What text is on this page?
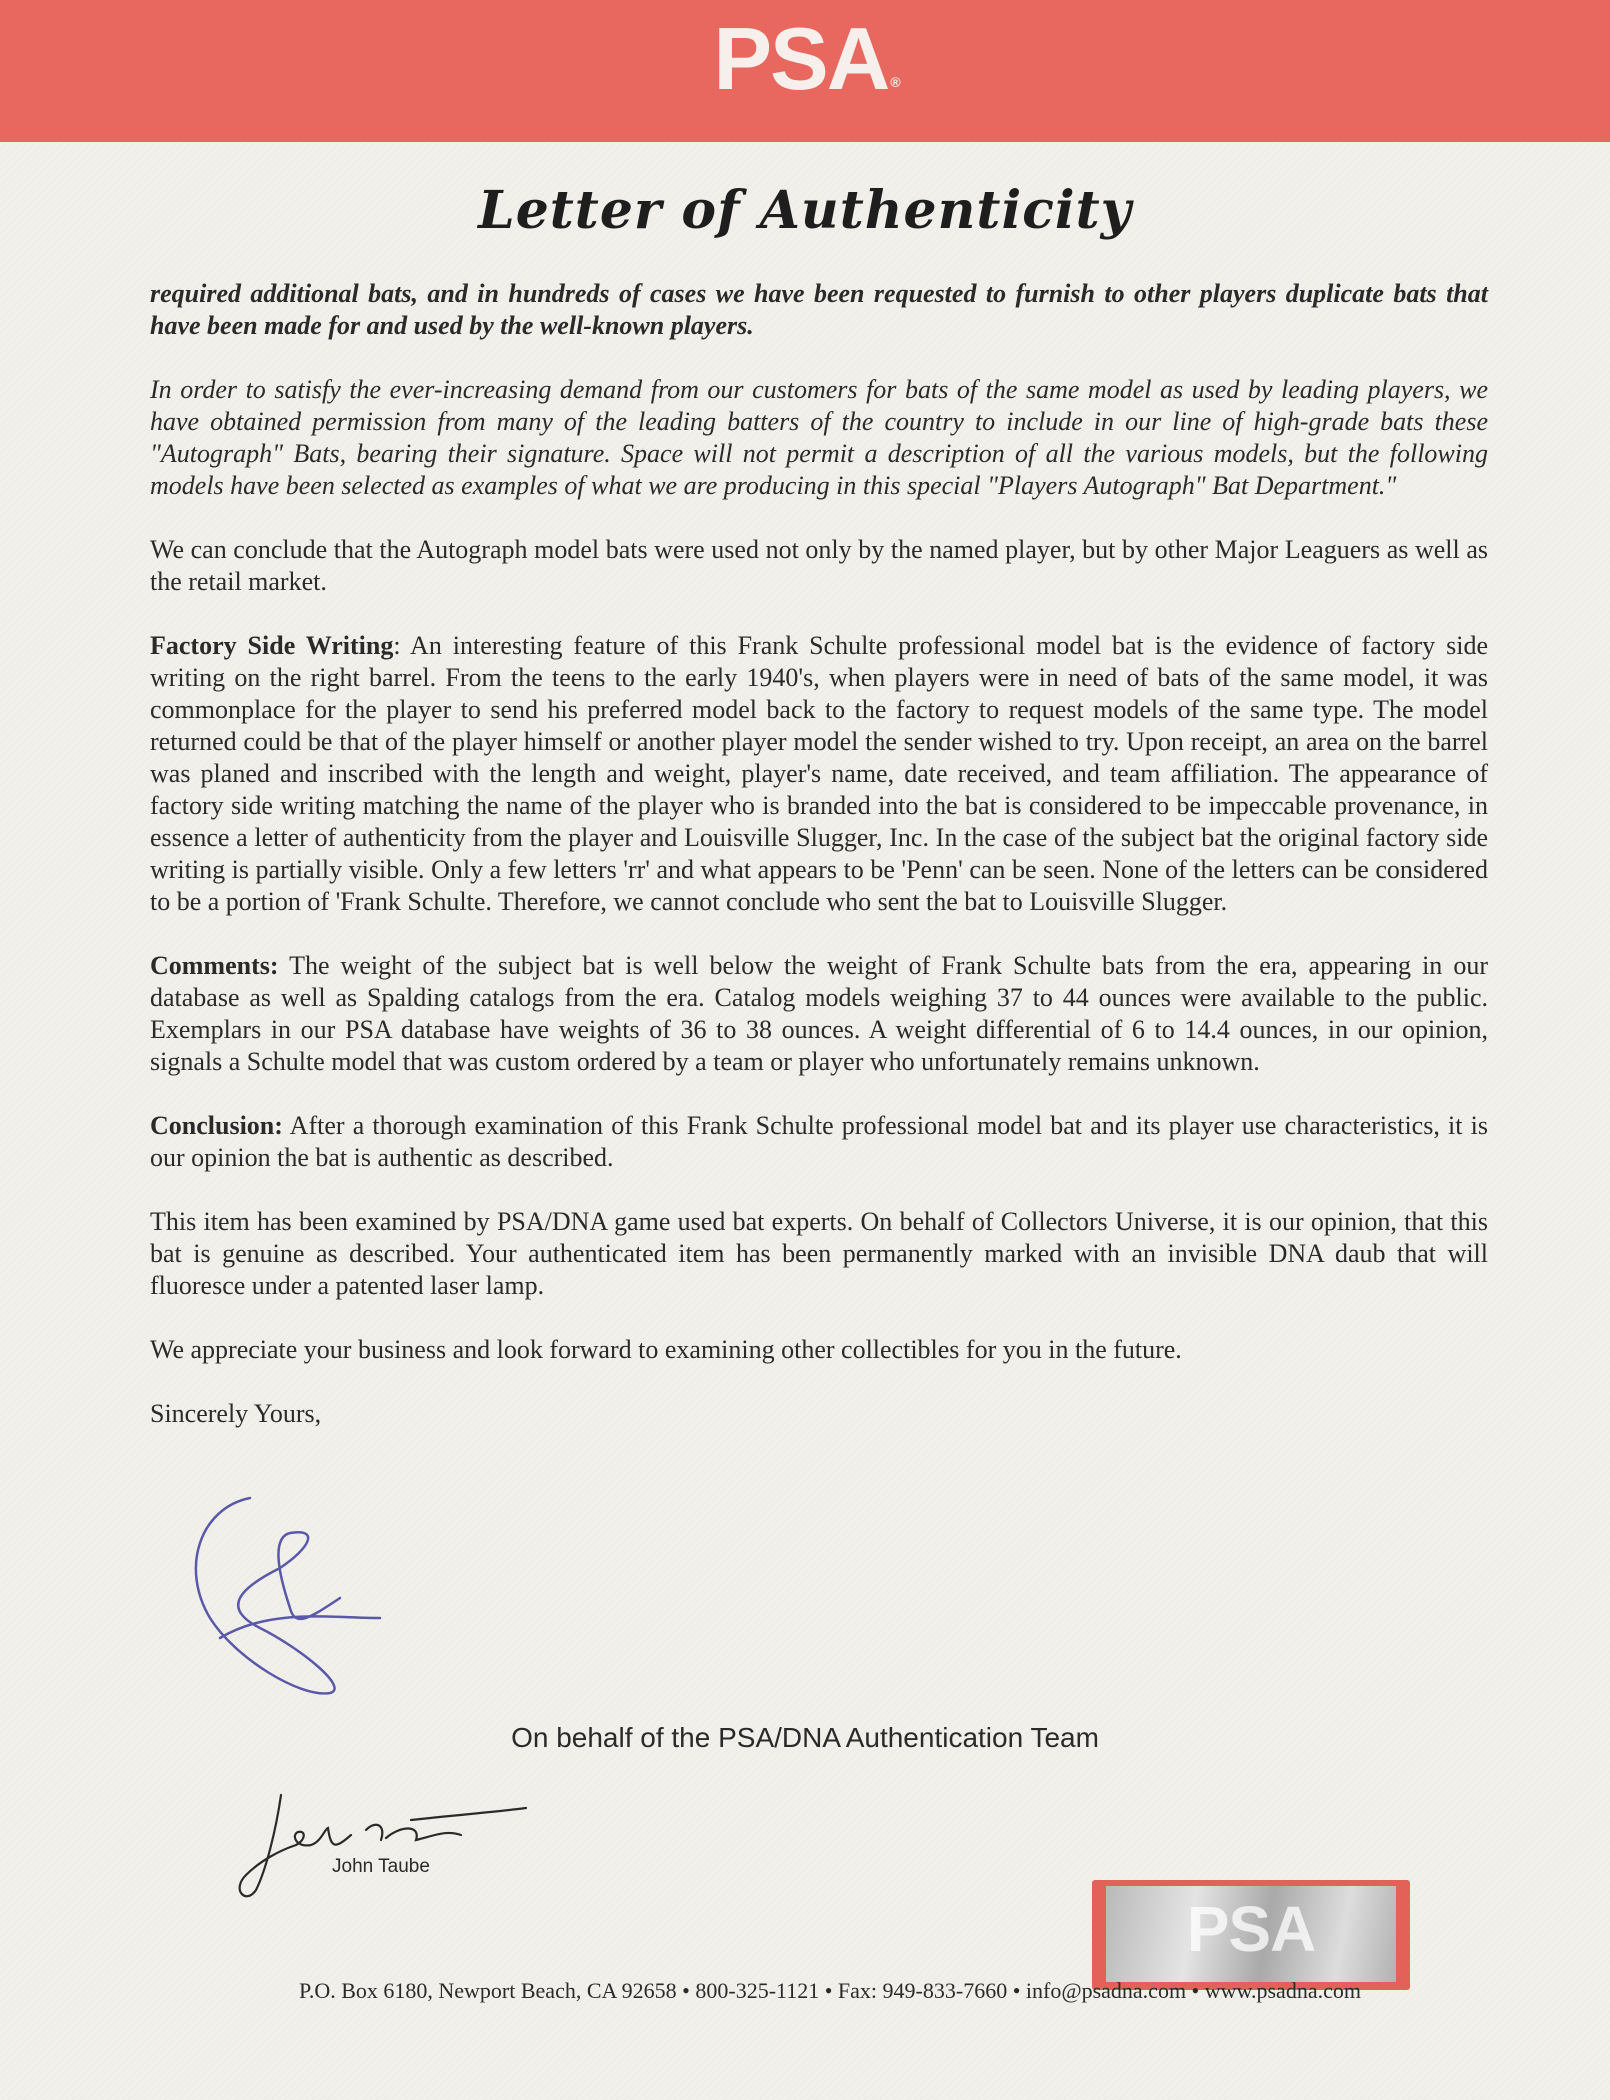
PSA ®
Letter of Authenticity

required additional bats, and in hundreds of cases we have been requested to furnish to other players duplicate bats that have been made for and used by the well-known players.

In order to satisfy the ever-increasing demand from our customers for bats of the same model as used by leading players, we have obtained permission from many of the leading batters of the country to include in our line of high-grade bats these "Autograph" Bats, bearing their signature. Space will not permit a description of all the various models, but the following models have been selected as examples of what we are producing in this special "Players Autograph" Bat Department."

We can conclude that the Autograph model bats were used not only by the named player, but by other Major Leaguers as well as the retail market.

Factory Side Writing: An interesting feature of this Frank Schulte professional model bat is the evidence of factory side writing on the right barrel. From the teens to the early 1940's, when players were in need of bats of the same model, it was commonplace for the player to send his preferred model back to the factory to request models of the same type. The model returned could be that of the player himself or another player model the sender wished to try. Upon receipt, an area on the barrel was planed and inscribed with the length and weight, player's name, date received, and team affiliation. The appearance of factory side writing matching the name of the player who is branded into the bat is considered to be impeccable provenance, in essence a letter of authenticity from the player and Louisville Slugger, Inc. In the case of the subject bat the original factory side writing is partially visible. Only a few letters 'rr' and what appears to be 'Penn' can be seen. None of the letters can be considered to be a portion of 'Frank Schulte. Therefore, we cannot conclude who sent the bat to Louisville Slugger.

Comments: The weight of the subject bat is well below the weight of Frank Schulte bats from the era, appearing in our database as well as Spalding catalogs from the era. Catalog models weighing 37 to 44 ounces were available to the public. Exemplars in our PSA database have weights of 36 to 38 ounces. A weight differential of 6 to 14.4 ounces, in our opinion, signals a Schulte model that was custom ordered by a team or player who unfortunately remains unknown.

Conclusion: After a thorough examination of this Frank Schulte professional model bat and its player use characteristics, it is our opinion the bat is authentic as described.

This item has been examined by PSA/DNA game used bat experts. On behalf of Collectors Universe, it is our opinion, that this bat is genuine as described. Your authenticated item has been permanently marked with an invisible DNA daub that will fluoresce under a patented laser lamp.

We appreciate your business and look forward to examining other collectibles for you in the future.

Sincerely Yours,

On behalf of the PSA/DNA Authentication Team
John Taube
PSA
P.O. Box 6180, Newport Beach, CA 92658 • 800-325-1121 • Fax: 949-833-7660 • info@psadna.com • www.psadna.com
